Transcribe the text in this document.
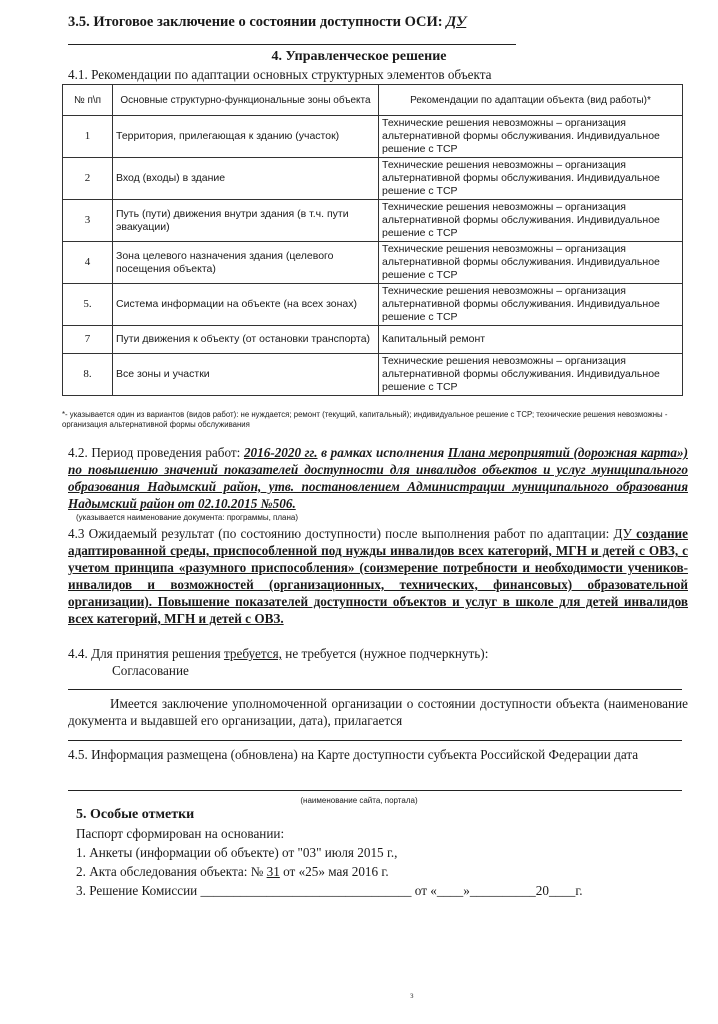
3.5. Итоговое заключение о состоянии доступности ОСИ: ДУ
4. Управленческое решение
4.1. Рекомендации по адаптации основных структурных элементов объекта
№ п\п	Основные структурно-функциональные зоны объекта	Рекомендации по адаптации объекта (вид работы)*
1	Территория, прилегающая к зданию (участок)	Технические решения невозможны – организация альтернативной формы обслуживания. Индивидуальное решение с ТСР
2	Вход (входы) в здание	Технические решения невозможны – организация альтернативной формы обслуживания. Индивидуальное решение с ТСР
3	Путь (пути) движения внутри здания (в т.ч. пути эвакуации)	Технические решения невозможны – организация альтернативной формы обслуживания. Индивидуальное решение с ТСР
4	Зона целевого назначения здания (целевого посещения объекта)	Технические решения невозможны – организация альтернативной формы обслуживания. Индивидуальное решение с ТСР
5.	Система информации на объекте (на всех зонах)	Технические решения невозможны – организация альтернативной формы обслуживания. Индивидуальное решение с ТСР
7	Пути движения к объекту (от остановки транспорта)	Капитальный ремонт
8.	Все зоны и участки	Технические решения невозможны – организация альтернативной формы обслуживания. Индивидуальное решение с ТСР
*- указывается один из вариантов (видов работ): не нуждается; ремонт (текущий, капитальный); индивидуальное решение с ТСР; технические решения невозможны - организация альтернативной формы обслуживания
4.2. Период проведения работ: 2016-2020 гг. в рамках исполнения Плана мероприятий (дорожная карта») по повышению значений показателей доступности для инвалидов объектов и услуг муниципального образования Надымский район, утв. постановлением Администрации муниципального образования Надымский район от 02.10.2015 №506.
(указывается наименование документа: программы, плана)
4.3 Ожидаемый результат (по состоянию доступности) после выполнения работ по адаптации: ДУ создание адаптированной среды, приспособленной под нужды инвалидов всех категорий, МГН и детей с ОВЗ, с учетом принципа «разумного приспособления» (соизмерение потребности и необходимости учеников-инвалидов и возможностей (организационных, технических, финансовых) образовательной организации). Повышение показателей доступности объектов и услуг в школе для детей инвалидов всех категорий, МГН и детей с ОВЗ.
4.4. Для принятия решения требуется, не требуется (нужное подчеркнуть):
Согласование
Имеется заключение уполномоченной организации о состоянии доступности объекта (наименование документа и выдавшей его организации, дата), прилагается
4.5. Информация размещена (обновлена) на Карте доступности субъекта Российской Федерации дата
(наименование сайта, портала)
5. Особые отметки
Паспорт сформирован на основании:
1. Анкеты (информации об объекте) от "03" июля 2015 г.,
2. Акта обследования объекта: № 31 от «25» мая 2016 г.
3. Решение Комиссии ________________________________ от «____»__________20____г.
з
